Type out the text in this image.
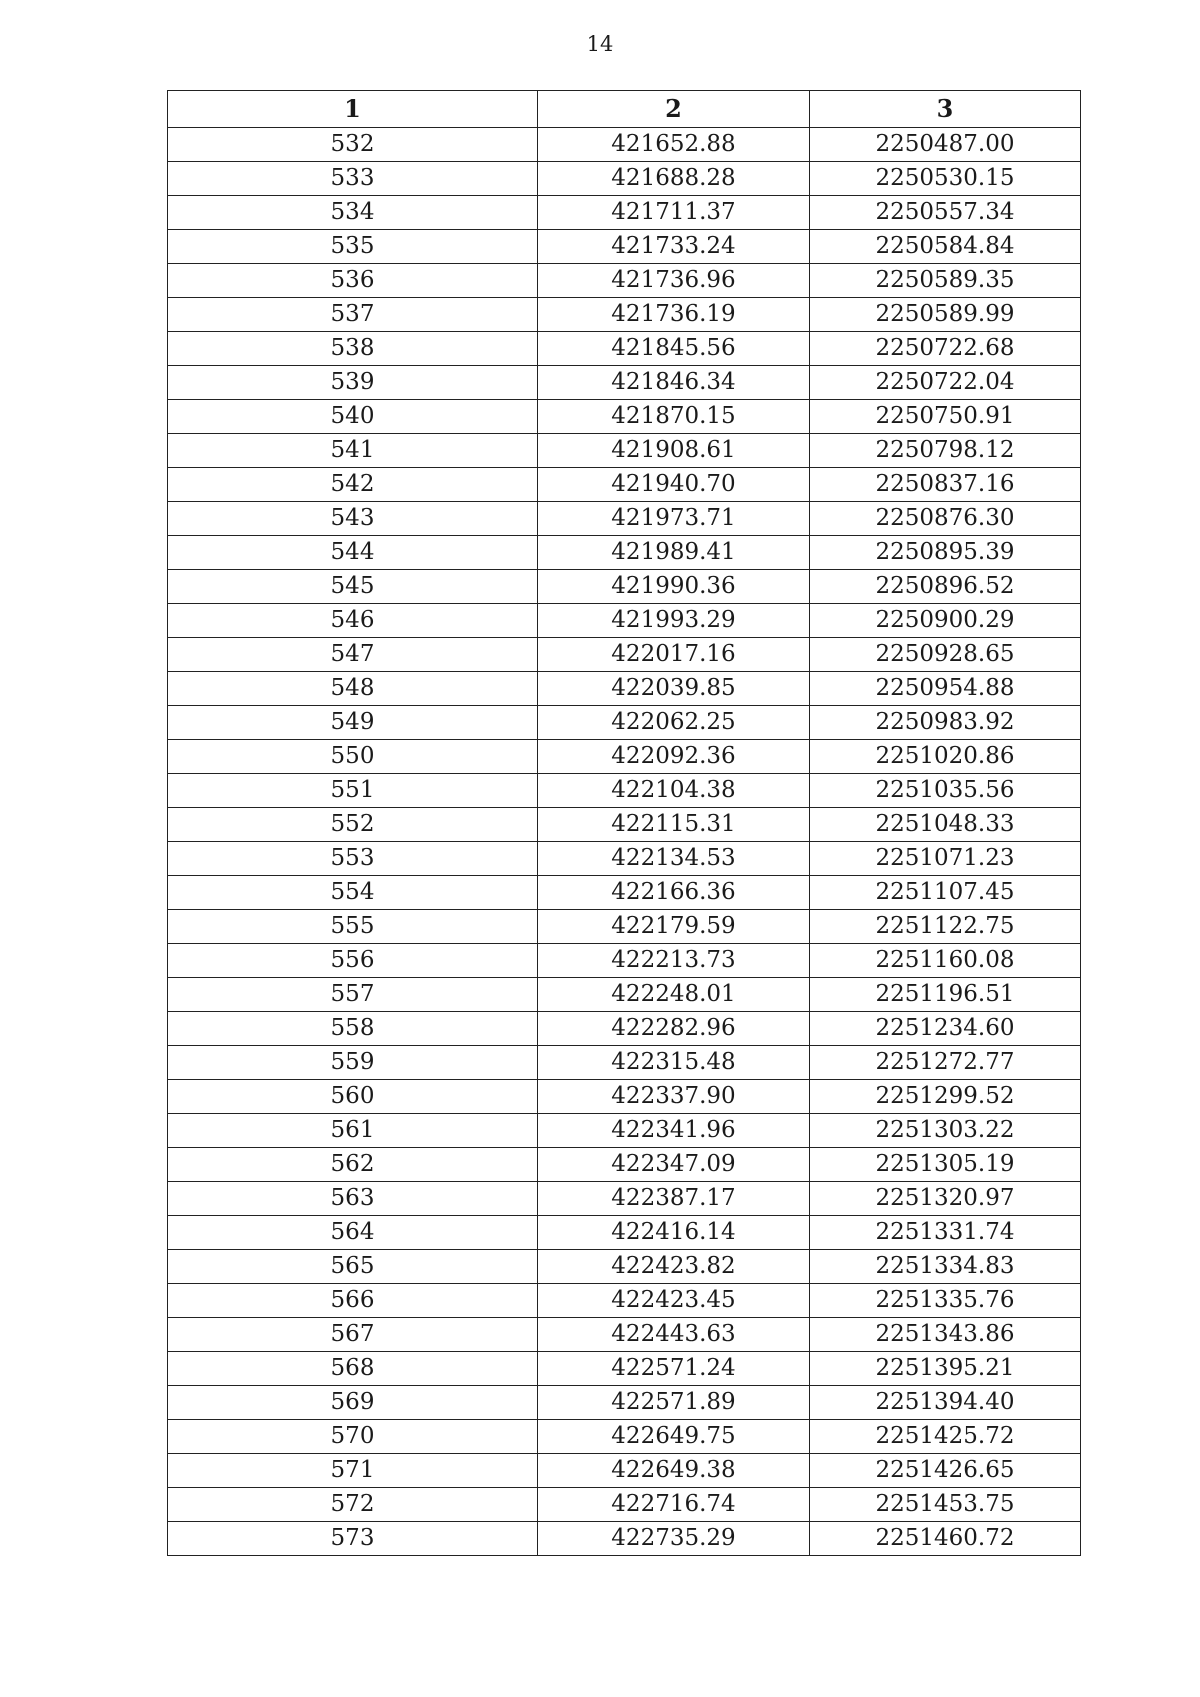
14
1	2	3
532	421652.88	2250487.00
533	421688.28	2250530.15
534	421711.37	2250557.34
535	421733.24	2250584.84
536	421736.96	2250589.35
537	421736.19	2250589.99
538	421845.56	2250722.68
539	421846.34	2250722.04
540	421870.15	2250750.91
541	421908.61	2250798.12
542	421940.70	2250837.16
543	421973.71	2250876.30
544	421989.41	2250895.39
545	421990.36	2250896.52
546	421993.29	2250900.29
547	422017.16	2250928.65
548	422039.85	2250954.88
549	422062.25	2250983.92
550	422092.36	2251020.86
551	422104.38	2251035.56
552	422115.31	2251048.33
553	422134.53	2251071.23
554	422166.36	2251107.45
555	422179.59	2251122.75
556	422213.73	2251160.08
557	422248.01	2251196.51
558	422282.96	2251234.60
559	422315.48	2251272.77
560	422337.90	2251299.52
561	422341.96	2251303.22
562	422347.09	2251305.19
563	422387.17	2251320.97
564	422416.14	2251331.74
565	422423.82	2251334.83
566	422423.45	2251335.76
567	422443.63	2251343.86
568	422571.24	2251395.21
569	422571.89	2251394.40
570	422649.75	2251425.72
571	422649.38	2251426.65
572	422716.74	2251453.75
573	422735.29	2251460.72
